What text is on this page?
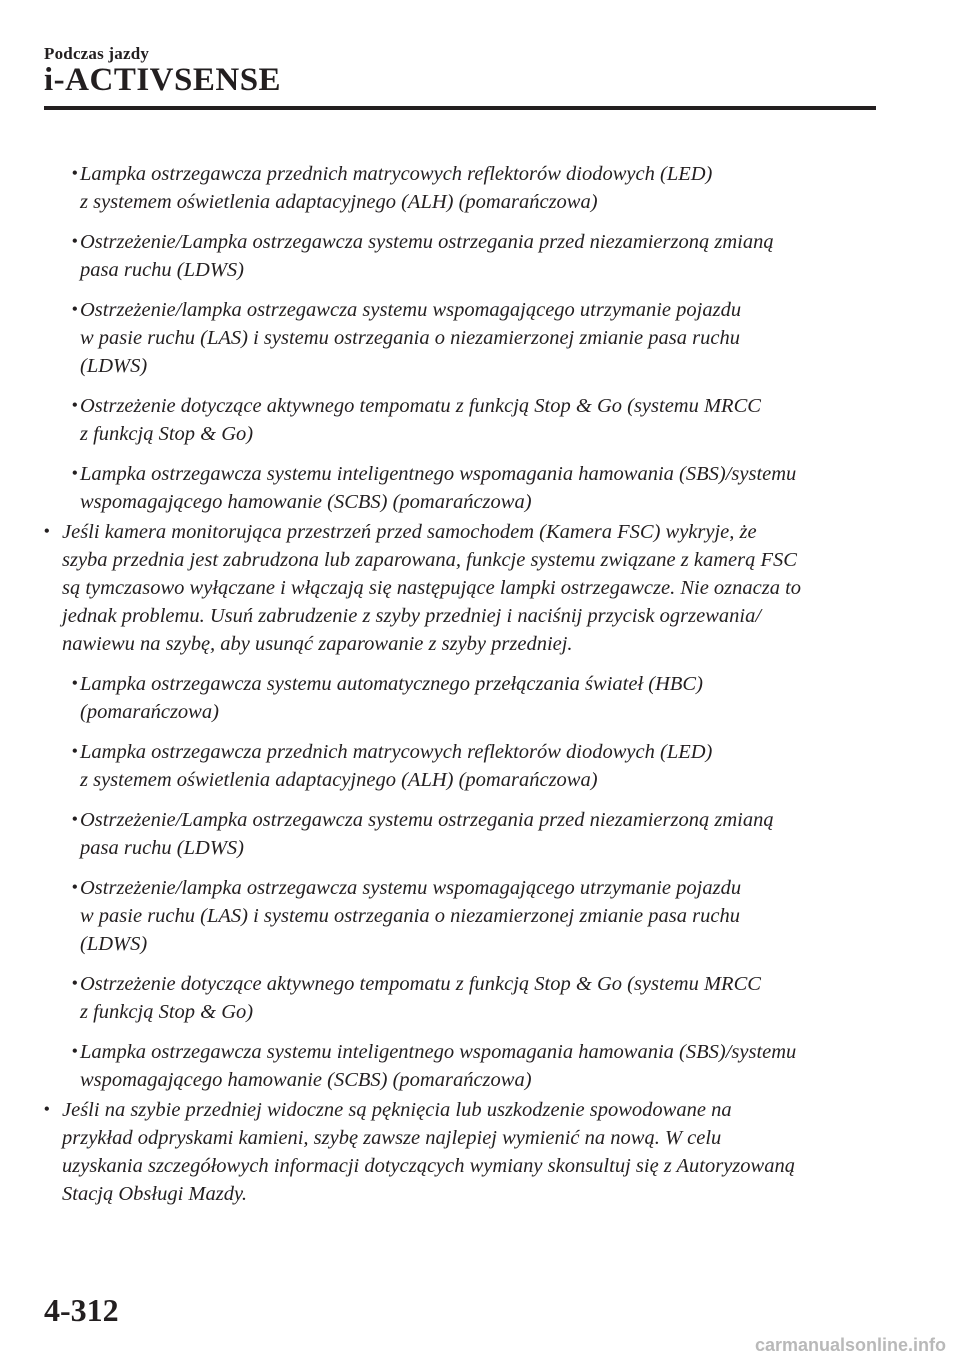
Podczas jazdy
i-ACTIVSENSE
• Lampka ostrzegawcza przednich matrycowych reflektorów diodowych (LED)
z systemem oświetlenia adaptacyjnego (ALH) (pomarańczowa)
• Ostrzeżenie/Lampka ostrzegawcza systemu ostrzegania przed niezamierzoną zmianą
pasa ruchu (LDWS)
• Ostrzeżenie/lampka ostrzegawcza systemu wspomagającego utrzymanie pojazdu
w pasie ruchu (LAS) i systemu ostrzegania o niezamierzonej zmianie pasa ruchu
(LDWS)
• Ostrzeżenie dotyczące aktywnego tempomatu z funkcją Stop & Go (systemu MRCC
z funkcją Stop & Go)
• Lampka ostrzegawcza systemu inteligentnego wspomagania hamowania (SBS)/systemu
wspomagającego hamowanie (SCBS) (pomarańczowa)
• Jeśli kamera monitorująca przestrzeń przed samochodem (Kamera FSC) wykryje, że
szyba przednia jest zabrudzona lub zaparowana, funkcje systemu związane z kamerą FSC
są tymczasowo wyłączane i włączają się następujące lampki ostrzegawcze. Nie oznacza to
jednak problemu. Usuń zabrudzenie z szyby przedniej i naciśnij przycisk ogrzewania/
nawiewu na szybę, aby usunąć zaparowanie z szyby przedniej.
• Lampka ostrzegawcza systemu automatycznego przełączania świateł (HBC)
(pomarańczowa)
• Lampka ostrzegawcza przednich matrycowych reflektorów diodowych (LED)
z systemem oświetlenia adaptacyjnego (ALH) (pomarańczowa)
• Ostrzeżenie/Lampka ostrzegawcza systemu ostrzegania przed niezamierzoną zmianą
pasa ruchu (LDWS)
• Ostrzeżenie/lampka ostrzegawcza systemu wspomagającego utrzymanie pojazdu
w pasie ruchu (LAS) i systemu ostrzegania o niezamierzonej zmianie pasa ruchu
(LDWS)
• Ostrzeżenie dotyczące aktywnego tempomatu z funkcją Stop & Go (systemu MRCC
z funkcją Stop & Go)
• Lampka ostrzegawcza systemu inteligentnego wspomagania hamowania (SBS)/systemu
wspomagającego hamowanie (SCBS) (pomarańczowa)
• Jeśli na szybie przedniej widoczne są pęknięcia lub uszkodzenie spowodowane na
przykład odpryskami kamieni, szybę zawsze najlepiej wymienić na nową. W celu
uzyskania szczegółowych informacji dotyczących wymiany skonsultuj się z Autoryzowaną
Stacją Obsługi Mazdy.
4-312
carmanualsonline.info
